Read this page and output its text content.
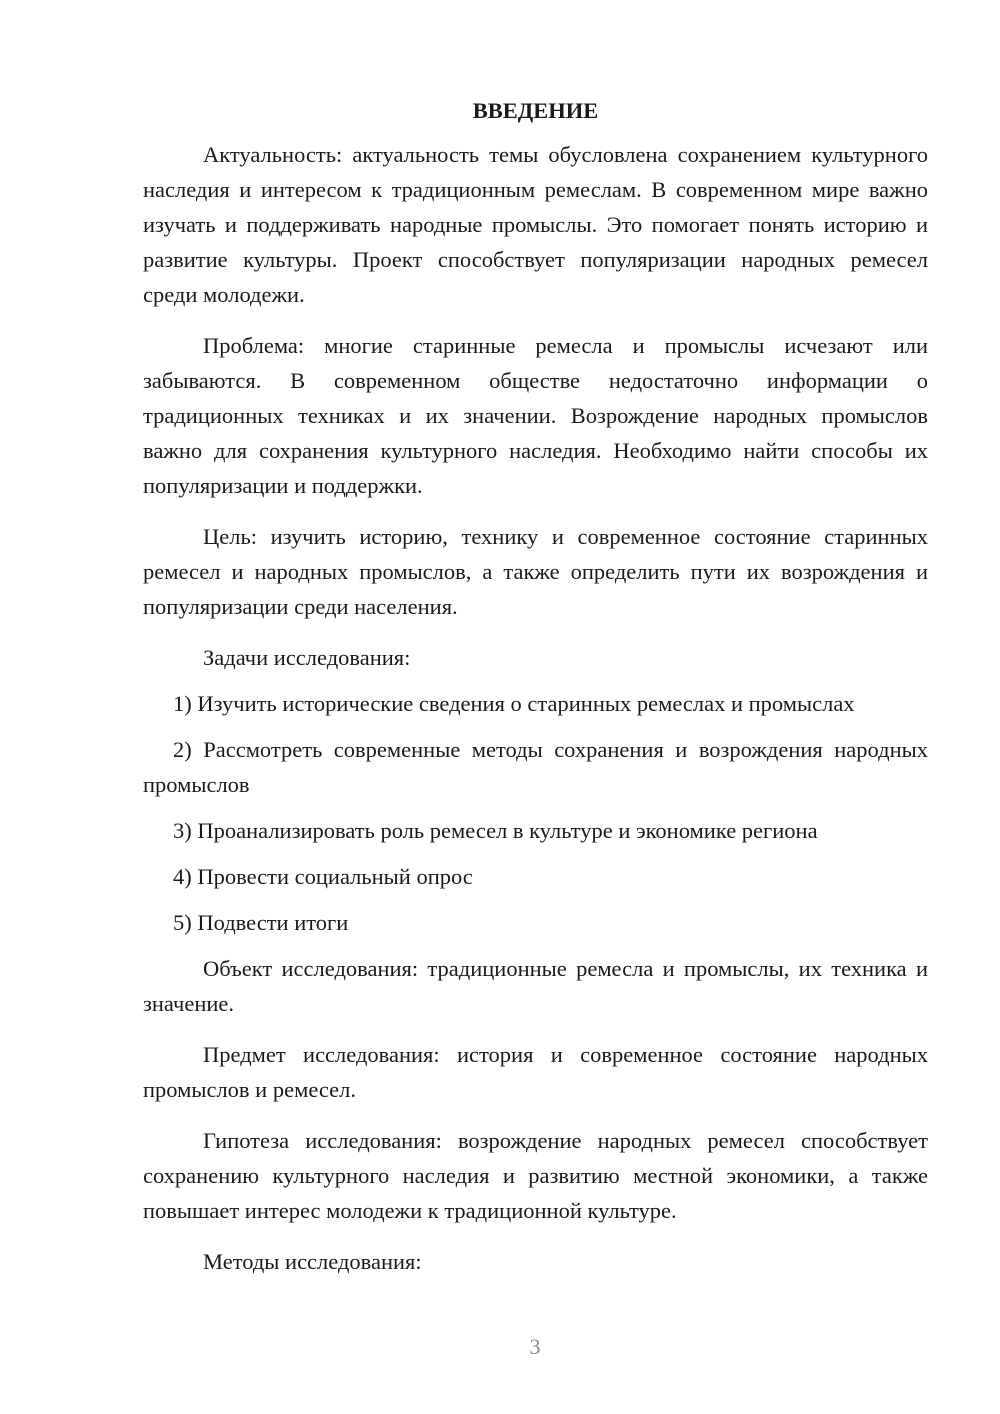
ВВЕДЕНИЕ

Актуальность: актуальность темы обусловлена сохранением культурного наследия и интересом к традиционным ремеслам. В современном мире важно изучать и поддерживать народные промыслы. Это помогает понять историю и развитие культуры. Проект способствует популяризации народных ремесел среди молодежи.

Проблема: многие старинные ремесла и промыслы исчезают или забываются. В современном обществе недостаточно информации о традиционных техниках и их значении. Возрождение народных промыслов важно для сохранения культурного наследия. Необходимо найти способы их популяризации и поддержки.

Цель: изучить историю, технику и современное состояние старинных ремесел и народных промыслов, а также определить пути их возрождения и популяризации среди населения.

Задачи исследования:

1) Изучить исторические сведения о старинных ремеслах и промыслах

2) Рассмотреть современные методы сохранения и возрождения народных промыслов

3) Проанализировать роль ремесел в культуре и экономике региона

4) Провести социальный опрос

5) Подвести итоги

Объект исследования: традиционные ремесла и промыслы, их техника и значение.

Предмет исследования: история и современное состояние народных промыслов и ремесел.

Гипотеза исследования: возрождение народных ремесел способствует сохранению культурного наследия и развитию местной экономики, а также повышает интерес молодежи к традиционной культуре.

Методы исследования:

3
